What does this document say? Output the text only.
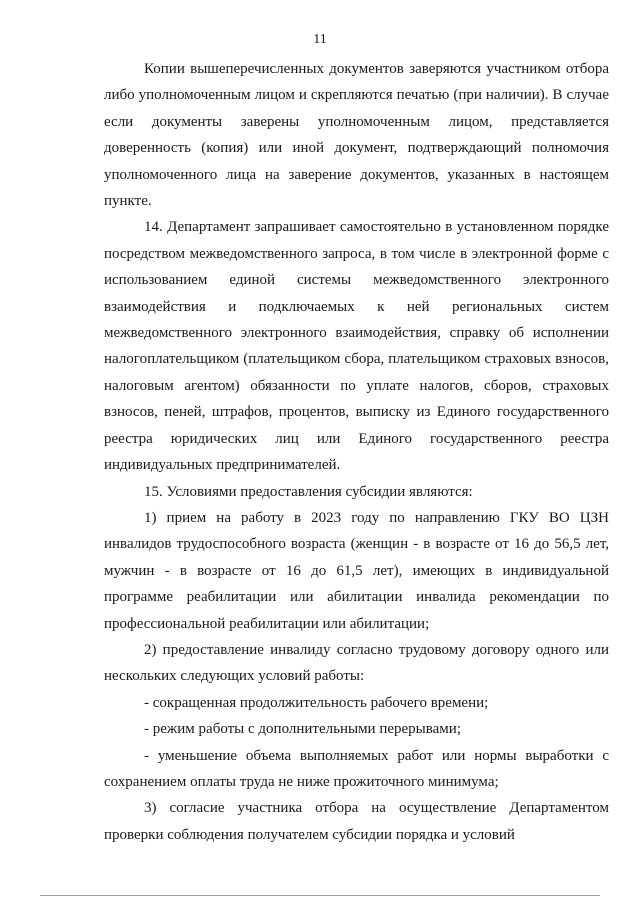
11

Копии вышеперечисленных документов заверяются участником отбора либо уполномоченным лицом и скрепляются печатью (при наличии). В случае если документы заверены уполномоченным лицом, представляется доверенность (копия) или иной документ, подтверждающий полномочия уполномоченного лица на заверение документов, указанных в настоящем пункте.

14. Департамент запрашивает самостоятельно в установленном порядке посредством межведомственного запроса, в том числе в электронной форме с использованием единой системы межведомственного электронного взаимодействия и подключаемых к ней региональных систем межведомственного электронного взаимодействия, справку об исполнении налогоплательщиком (плательщиком сбора, плательщиком страховых взносов, налоговым агентом) обязанности по уплате налогов, сборов, страховых взносов, пеней, штрафов, процентов, выписку из Единого государственного реестра юридических лиц или Единого государственного реестра индивидуальных предпринимателей.

15. Условиями предоставления субсидии являются:

1) прием на работу в 2023 году по направлению ГКУ ВО ЦЗН инвалидов трудоспособного возраста (женщин - в возрасте от 16 до 56,5 лет, мужчин - в возрасте от 16 до 61,5 лет), имеющих в индивидуальной программе реабилитации или абилитации инвалида рекомендации по профессиональной реабилитации или абилитации;

2) предоставление инвалиду согласно трудовому договору одного или нескольких следующих условий работы:

- сокращенная продолжительность рабочего времени;

- режим работы с дополнительными перерывами;

- уменьшение объема выполняемых работ или нормы выработки с сохранением оплаты труда не ниже прожиточного минимума;

3) согласие участника отбора на осуществление Департаментом проверки соблюдения получателем субсидии порядка и условий
